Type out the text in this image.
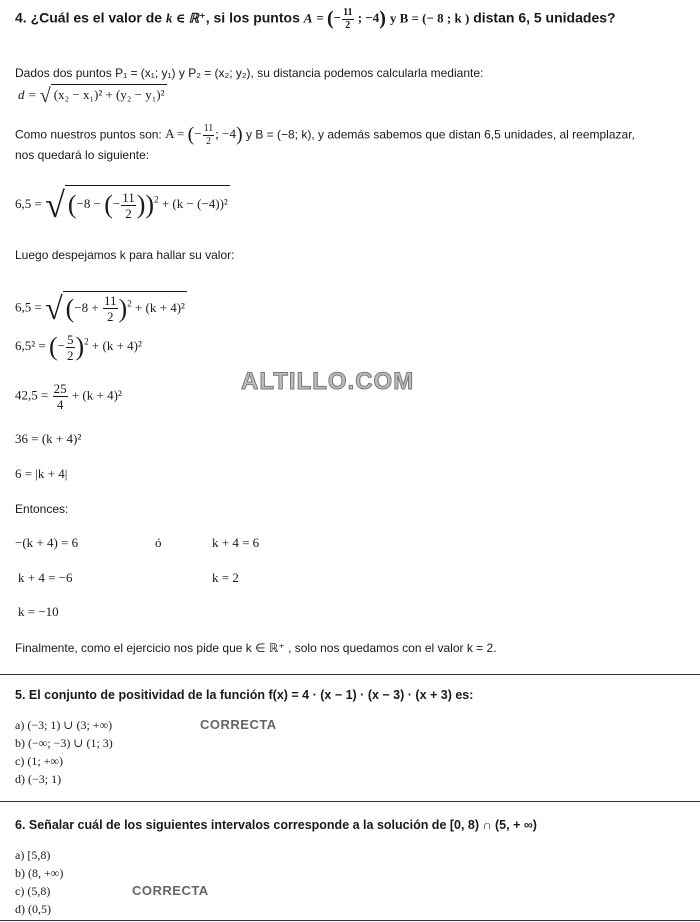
4. ¿Cuál es el valor de k ∈ ℝ⁺, si los puntos A = (− $\frac{11}{2}$ ; −4) y B = (− 8 ; k ) distan 6, 5 unidades?
Dados dos puntos P₁ = (x₁; y₁) y P₂ = (x₂; y₂), su distancia podemos calcularla mediante:
d = √ (x₂ − x₁)² + (y₂ − y₁)²
Como nuestros puntos son: A = (− $\frac{11}{2}$ ; −4) y B = (−8; k), y además sabemos que distan 6,5 unidades, al reemplazar,
nos quedará lo siguiente:
6,5 = √ (−8 − (− $\frac{11}{2} ))^2 + (k - (-4))^2$
Luego despejamos k para hallar su valor:
6,5 = √ $(-8 + \frac{11}{2} )^2 + (k + 4)^2$
6,5² = (− $\frac{5}{2} )^2 + (k + 4)^2$
ALTILLO.COM
$42,5 = \frac{25}{4} + (k + 4)^2$
36 = (k + 4)²
6 = |k + 4|
Entonces:
−(k + 4) = 6	ó	k + 4 = 6
k + 4 = −6	k = 2
k = −10
Finalmente, como el ejercicio nos pide que k ∈ ℝ⁺ , solo nos quedamos con el valor k = 2.
5. El conjunto de positividad de la función f(x) = 4 · (x − 1) · (x − 3) · (x + 3) es:
a) (−3; 1) ∪ (3; +∞)	CORRECTA
b) (−∞; −3) ∪ (1; 3)
c) (1; +∞)
d) (−3; 1)
6. Señalar cuál de los siguientes intervalos corresponde a la solución de [0, 8) ∩ (5, + ∞)
a) [5,8)
b) (8, +∞)
c) (5,8)	CORRECTA
d) (0,5)
